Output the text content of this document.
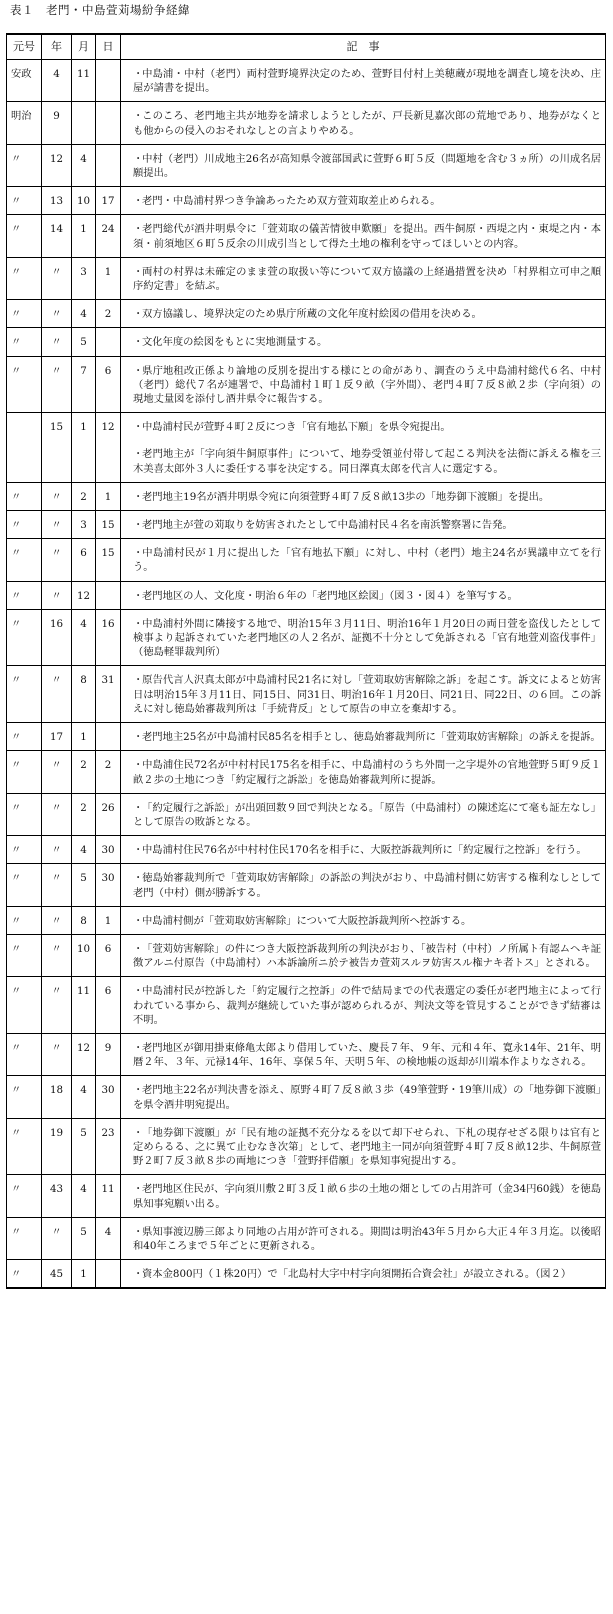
表１　老門・中島萱苅場紛争経緯
元号	年	月	日	記　事
安政	4	11		・中島浦・中村（老門）両村萱野境界決定のため、萱野目付村上美穂蔵が現地を調査し境を決め、庄屋が請書を提出。
明治	9			・このころ、老門地主共が地券を請求しようとしたが、戸長新見嘉次郎の荒地であり、地券がなくとも他からの侵入のおそれなしとの言よりやめる。
〃	12	4		・中村（老門）川成地主26名が高知県令渡部国武に萱野６町５反（問題地を含む３ヵ所）の川成名居願提出。
〃	13	10	17	・老門・中島浦村界つき争論あったため双方萱苅取差止められる。
〃	14	1	24	・老門総代が酒井明県令に「萱苅取の儀苦情彼申歎願」を提出。西牛飼原・西堤之内・東堤之内・本須・前須地区６町５反余の川成引当として得た土地の権利を守ってほしいとの内容。
〃	〃	3	1	・両村の村界は未確定のまま萱の取扱い等について双方協議の上経過措置を決め「村界相立可申之順序約定書」を結ぶ。
〃	〃	4	2	・双方協議し、境界決定のため県庁所蔵の文化年度村絵図の借用を決める。
〃	〃	5		・文化年度の絵図をもとに実地測量する。
〃	〃	7	6	・県庁地租改正係より論地の反別を提出する様にとの命があり、調査のうえ中島浦村総代６名、中村（老門）総代７名が連署で、中島浦村１町１反９畝（字外間）、老門４町７反８畝２歩（字向須）の現地丈量図を添付し酒井県令に報告する。
	15	1	12	・中島浦村民が萱野４町２反につき「官有地払下願」を県令宛提出。
				・老門地主が「字向須牛飼原事件」について、地券受領並付帯して起こる判決を法衙に訴える権を三木美喜太郎外３人に委任する事を決定する。同日澤真太郎を代言人に選定する。
〃	〃	2	1	・老門地主19名が酒井明県令宛に向須萱野４町７反８畝13歩の「地券御下渡願」を提出。
〃	〃	3	15	・老門地主が萱の苅取りを妨害されたとして中島浦村民４名を南浜警察署に告発。
〃	〃	6	15	・中島浦村民が１月に提出した「官有地払下願」に対し、中村（老門）地主24名が異議申立てを行う。
〃	〃	12		・老門地区の人、文化度・明治６年の「老門地区絵図」（図３・図４）を筆写する。
〃	16	4	16	・中島浦村外間に隣接する地で、明治15年３月11日、明治16年１月20日の両日萱を盗伐したとして検事より起訴されていた老門地区の人２名が、証拠不十分として免訴される「官有地萱刈盗伐事件」（徳島軽罪裁判所）
〃	〃	8	31	・原告代言人沢真太郎が中島浦村民21名に対し「萱苅取妨害解除之訴」を起こす。訴文によると妨害日は明治15年３月11日、同15日、同31日、明治16年１月20日、同21日、同22日、の６回。この訴えに対し徳島始審裁判所は「手続背反」として原告の申立を棄却する。
〃	17	1		・老門地主25名が中島浦村民85名を相手とし、徳島始審裁判所に「萱苅取妨害解除」の訴えを提訴。
〃	〃	2	2	・中島浦住民72名が中村村民175名を相手に、中島浦村のうち外間一之字堤外の官地萱野５町９反１畝２歩の土地につき「約定履行之訴訟」を徳島始審裁判所に提訴。
〃	〃	2	26	・「約定履行之訴訟」が出頭回数９回で判決となる。「原告（中島浦村）の陳述迄にて毫も証左なし」として原告の敗訴となる。
〃	〃	4	30	・中島浦村住民76名が中村村住民170名を相手に、大阪控訴裁判所に「約定履行之控訴」を行う。
〃	〃	5	30	・徳島始審裁判所で「萱苅取妨害解除」の訴訟の判決がおり、中島浦村側に妨害する権利なしとして老門（中村）側が勝訴する。
〃	〃	8	1	・中島浦村側が「萱苅取妨害解除」について大阪控訴裁判所へ控訴する。
〃	〃	10	6	・「萱苅妨害解除」の件につき大阪控訴裁判所の判決がおり、「被告村（中村）ノ所属ト有認ムヘキ証徴アルニ付原告（中島浦村）ハ本訴論所ニ於テ被告カ萱苅スルヲ妨害スル権ナキ者トス」とされる。
〃	〃	11	6	・中島浦村民が控訴した「約定履行之控訴」の件で結局までの代表選定の委任が老門地主によって行われている事から、裁判が継続していた事が認められるが、判決文等を管見することができず結審は不明。
〃	〃	12	9	・老門地区が御用掛東條亀太郎より借用していた、慶長７年、９年、元和４年、寛永14年、21年、明暦２年、３年、元禄14年、16年、享保５年、天明５年、の検地帳の返却が川端本作よりなされる。
〃	18	4	30	・老門地主22名が判決書を添え、原野４町７反８畝３歩（49筆萱野・19筆川成）の「地券御下渡願」を県令酒井明宛提出。
〃	19	5	23	・「地券御下渡願」が「民有地の証拠不充分なるを以て却下せられ、下札の現存せざる限りは官有と定めらるる、之に異て止むなき次第」として、老門地主一同が向須萱野４町７反８畝12歩、牛飼原萱野２町７反３畝８歩の両地につき「萱野拝借願」を県知事宛提出する。
〃	43	4	11	・老門地区住民が、字向須川敷２町３反１畝６歩の土地の畑としての占用許可（金34円60銭）を徳島県知事宛願い出る。
〃	〃	5	4	・県知事渡辺勝三郎より同地の占用が許可される。期間は明治43年５月から大正４年３月迄。以後昭和40年ころまで５年ごとに更新される。
〃	45	1		・資本金800円（１株20円）で「北島村大字中村字向須開拓合資会社」が設立される。（図２）
